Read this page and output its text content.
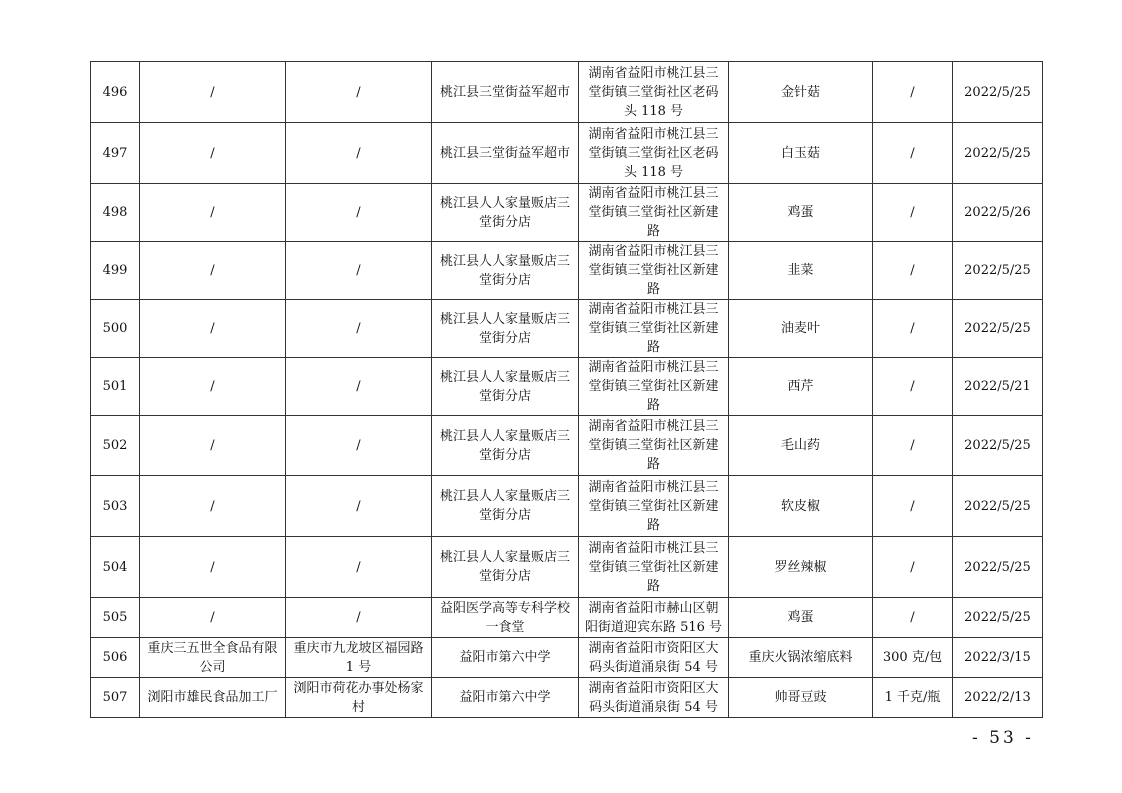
496	/	/	桃江县三堂街益军超市	湖南省益阳市桃江县三堂街镇三堂街社区老码头 118 号	金针菇	/	2022/5/25
497	/	/	桃江县三堂街益军超市	湖南省益阳市桃江县三堂街镇三堂街社区老码头 118 号	白玉菇	/	2022/5/25
498	/	/	桃江县人人家量贩店三堂街分店	湖南省益阳市桃江县三堂街镇三堂街社区新建路	鸡蛋	/	2022/5/26
499	/	/	桃江县人人家量贩店三堂街分店	湖南省益阳市桃江县三堂街镇三堂街社区新建路	韭菜	/	2022/5/25
500	/	/	桃江县人人家量贩店三堂街分店	湖南省益阳市桃江县三堂街镇三堂街社区新建路	油麦叶	/	2022/5/25
501	/	/	桃江县人人家量贩店三堂街分店	湖南省益阳市桃江县三堂街镇三堂街社区新建路	西芹	/	2022/5/21
502	/	/	桃江县人人家量贩店三堂街分店	湖南省益阳市桃江县三堂街镇三堂街社区新建路	毛山药	/	2022/5/25
503	/	/	桃江县人人家量贩店三堂街分店	湖南省益阳市桃江县三堂街镇三堂街社区新建路	软皮椒	/	2022/5/25
504	/	/	桃江县人人家量贩店三堂街分店	湖南省益阳市桃江县三堂街镇三堂街社区新建路	罗丝辣椒	/	2022/5/25
505	/	/	益阳医学高等专科学校一食堂	湖南省益阳市赫山区朝阳街道迎宾东路 516 号	鸡蛋	/	2022/5/25
506	重庆三五世全食品有限公司	重庆市九龙坡区福园路 1 号	益阳市第六中学	湖南省益阳市资阳区大码头街道涌泉街 54 号	重庆火锅浓缩底料	300 克/包	2022/3/15
507	浏阳市雄民食品加工厂	浏阳市荷花办事处杨家村	益阳市第六中学	湖南省益阳市资阳区大码头街道涌泉街 54 号	帅哥豆豉	1 千克/瓶	2022/2/13
- 53 -
